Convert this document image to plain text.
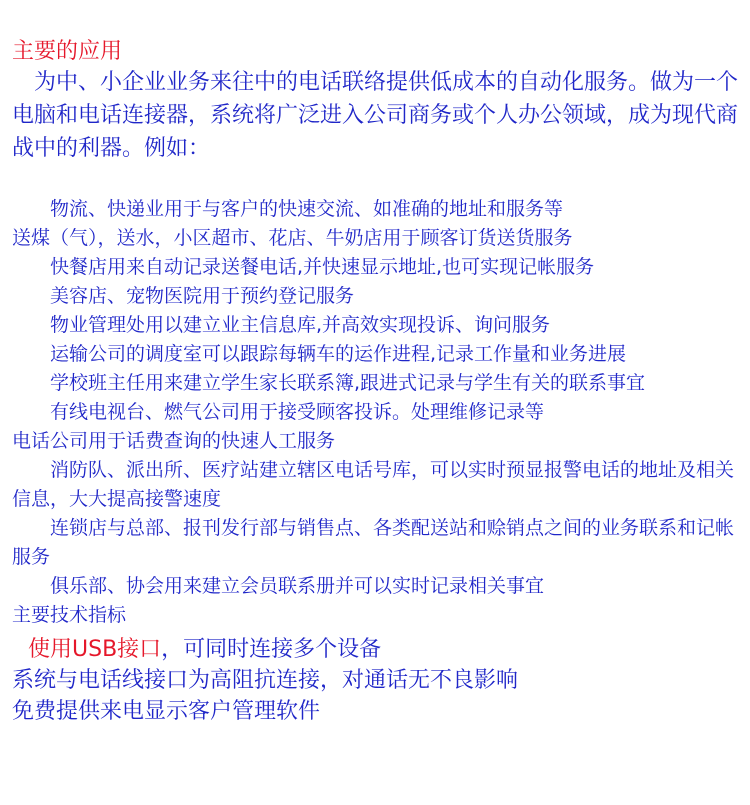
主要的应用

为中、小企业业务来往中的电话联络提供低成本的自动化服务。做为一个电脑和电话连接器，系统将广泛进入公司商务或个人办公领域，成为现代商战中的利器。例如：

物流、快递业用于与客户的快速交流、如准确的地址和服务等

送煤（气），送水，小区超市、花店、牛奶店用于顾客订货送货服务

快餐店用来自动记录送餐电话,并快速显示地址,也可实现记帐服务

美容店、宠物医院用于预约登记服务

物业管理处用以建立业主信息库,并高效实现投诉、询问服务

运输公司的调度室可以跟踪每辆车的运作进程,记录工作量和业务进展

学校班主任用来建立学生家长联系簿,跟进式记录与学生有关的联系事宜

有线电视台、燃气公司用于接受顾客投诉。处理维修记录等

电话公司用于话费查询的快速人工服务

消防队、派出所、医疗站建立辖区电话号库，可以实时预显报警电话的地址及相关信息，大大提高接警速度

连锁店与总部、报刊发行部与销售点、各类配送站和赊销点之间的业务联系和记帐服务

俱乐部、协会用来建立会员联系册并可以实时记录相关事宜

主要技术指标

使用USB接口，可同时连接多个设备

系统与电话线接口为高阻抗连接，对通话无不良影响

免费提供来电显示客户管理软件
